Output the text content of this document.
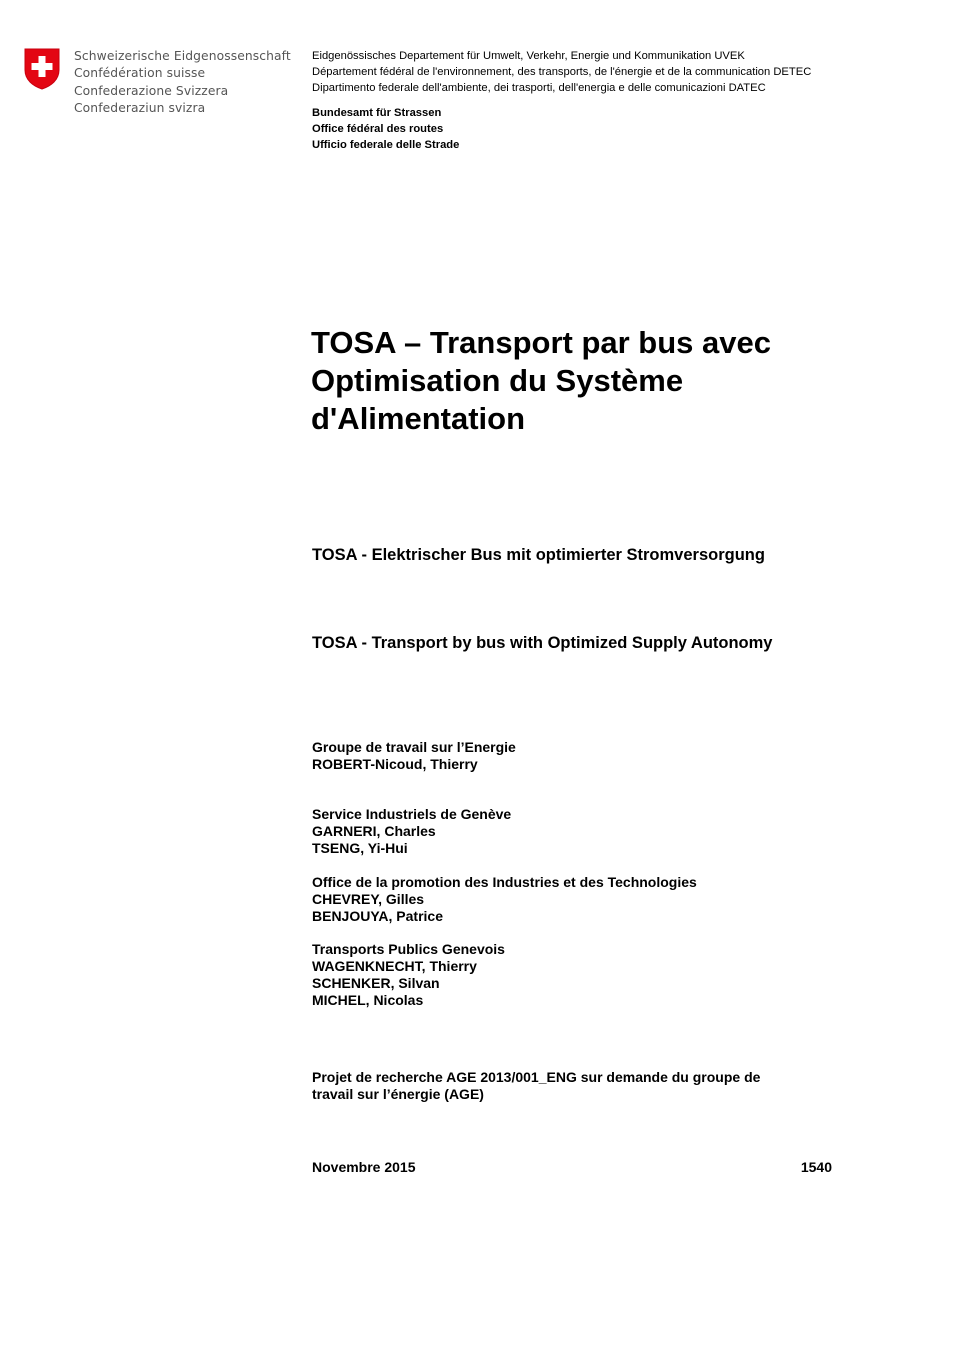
Schweizerische Eidgenossenschaft
Confédération suisse
Confederazione Svizzera
Confederaziun svizra
Eidgenössisches Departement für Umwelt, Verkehr, Energie und Kommunikation UVEK
Département fédéral de l'environnement, des transports, de l'énergie et de la communication DETEC
Dipartimento federale dell'ambiente, dei trasporti, dell'energia e delle comunicazioni DATEC
Bundesamt für Strassen
Office fédéral des routes
Ufficio federale delle Strade
TOSA – Transport par bus avec
Optimisation du Système
d'Alimentation
TOSA - Elektrischer Bus mit optimierter Stromversorgung
TOSA - Transport by bus with Optimized Supply Autonomy
Groupe de travail sur l’Energie
ROBERT-Nicoud, Thierry
Service Industriels de Genève
GARNERI, Charles
TSENG, Yi-Hui
Office de la promotion des Industries et des Technologies
CHEVREY, Gilles
BENJOUYA, Patrice
Transports Publics Genevois
WAGENKNECHT, Thierry
SCHENKER, Silvan
MICHEL, Nicolas
Projet de recherche AGE 2013/001_ENG sur demande du groupe de
travail sur l’énergie (AGE)
Novembre 2015	1540
